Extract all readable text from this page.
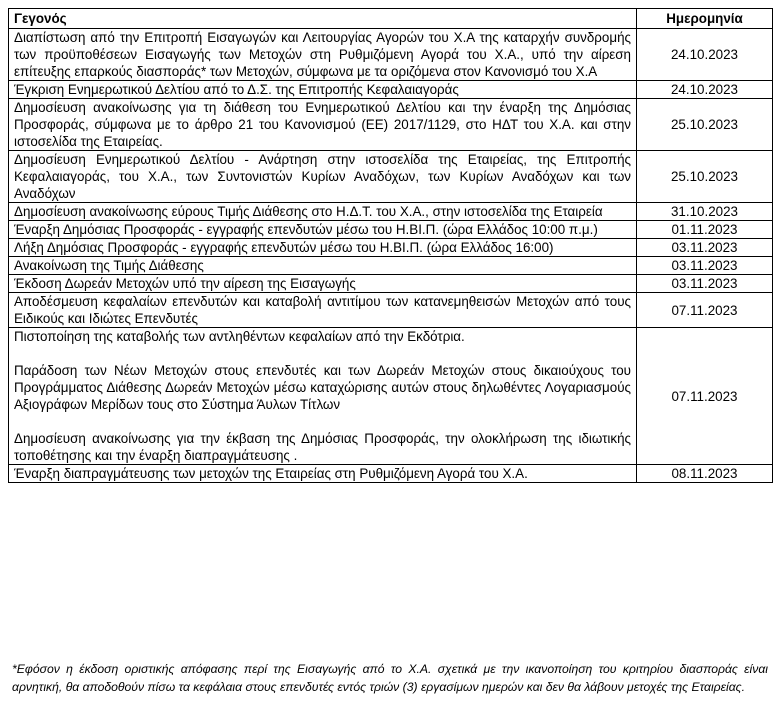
Γεγονός	Ημερομηνία
Διαπίστωση από την Επιτροπή Εισαγωγών και Λειτουργίας Αγορών του Χ.Α της καταρχήν συνδρομής των προϋποθέσεων Εισαγωγής των Μετοχών στη Ρυθμιζόμενη Αγορά του Χ.Α., υπό την αίρεση επίτευξης επαρκούς διασποράς* των Μετοχών, σύμφωνα με τα οριζόμενα στον Κανονισμό του Χ.Α	24.10.2023
Έγκριση Ενημερωτικού Δελτίου από το Δ.Σ. της Επιτροπής Κεφαλαιαγοράς	24.10.2023
Δημοσίευση ανακοίνωσης για τη διάθεση του Ενημερωτικού Δελτίου και την έναρξη της Δημόσιας Προσφοράς, σύμφωνα με το άρθρο 21 του Κανονισμού (ΕΕ) 2017/1129, στο ΗΔΤ του Χ.Α. και στην ιστοσελίδα της Εταιρείας.	25.10.2023
Δημοσίευση Ενημερωτικού Δελτίου - Ανάρτηση στην ιστοσελίδα της Εταιρείας, της Επιτροπής Κεφαλαιαγοράς, του Χ.Α., των Συντονιστών Κυρίων Αναδόχων, των Κυρίων Αναδόχων και των Αναδόχων	25.10.2023
Δημοσίευση ανακοίνωσης εύρους Τιμής Διάθεσης στο Η.Δ.Τ. του Χ.Α., στην ιστοσελίδα της Εταιρεία	31.10.2023
Έναρξη Δημόσιας Προσφοράς - εγγραφής επενδυτών μέσω του Η.ΒΙ.Π. (ώρα Ελλάδος 10:00 π.μ.)	01.11.2023
Λήξη Δημόσιας Προσφοράς - εγγραφής επενδυτών μέσω του Η.ΒΙ.Π. (ώρα Ελλάδος 16:00)	03.11.2023
Ανακοίνωση της Τιμής Διάθεσης	03.11.2023
Έκδοση Δωρεάν Μετοχών υπό την αίρεση της Εισαγωγής	03.11.2023
Αποδέσμευση κεφαλαίων επενδυτών και καταβολή αντιτίμου των κατανεμηθεισών Μετοχών από τους Ειδικούς και Ιδιώτες Επενδυτές	07.11.2023

Πιστοποίηση της καταβολής των αντληθέντων κεφαλαίων από την Εκδότρια.

Παράδοση των Νέων Μετοχών στους επενδυτές και των Δωρεάν Μετοχών στους δικαιούχους του Προγράμματος Διάθεσης Δωρεάν Μετοχών μέσω καταχώρισης αυτών στους δηλωθέντες Λογαριασμούς Αξιογράφων Μερίδων τους στο Σύστημα Άυλων Τίτλων

Δημοσίευση ανακοίνωσης για την έκβαση της Δημόσιας Προσφοράς, την ολοκλήρωση της ιδιωτικής τοποθέτησης και την έναρξη διαπραγμάτευσης .	07.11.2023
Έναρξη διαπραγμάτευσης των μετοχών της Εταιρείας στη Ρυθμιζόμενη Αγορά του Χ.Α.	08.11.2023
*Εφόσον η έκδοση οριστικής απόφασης περί της Εισαγωγής από το Χ.Α. σχετικά με την ικανοποίηση του κριτηρίου διασποράς είναι αρνητική, θα αποδοθούν πίσω τα κεφάλαια στους επενδυτές εντός τριών (3) εργασίμων ημερών και δεν θα λάβουν μετοχές της Εταιρείας.
